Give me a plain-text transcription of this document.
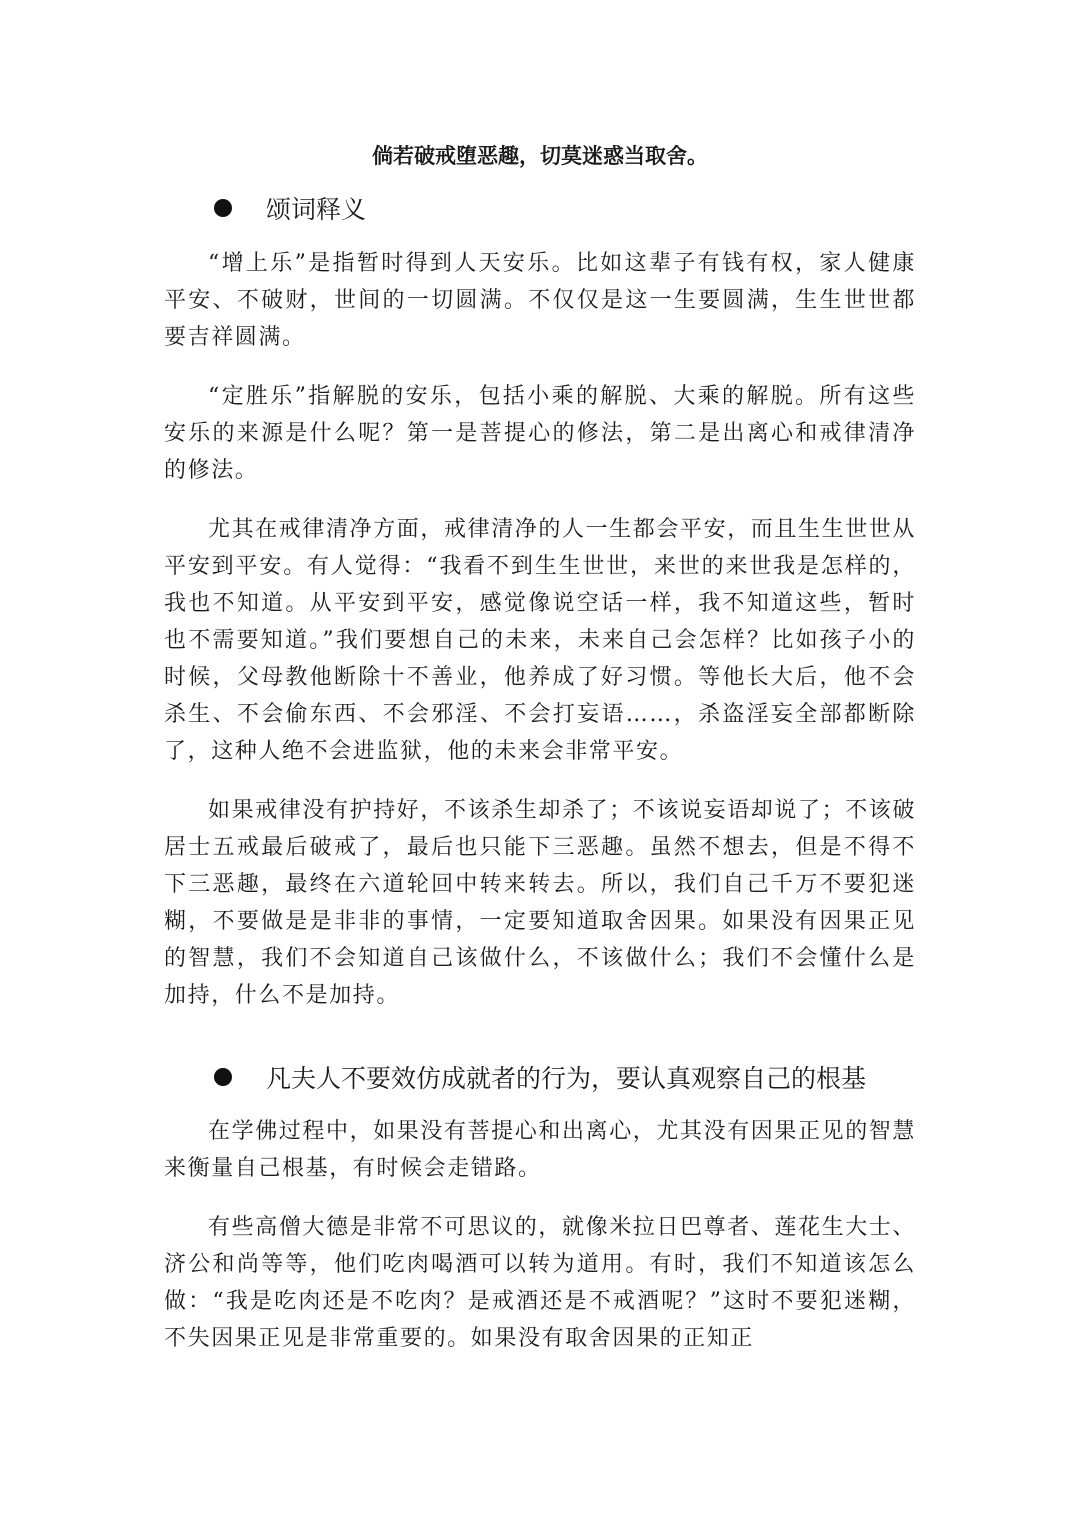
倘若破戒堕恶趣，切莫迷惑当取舍。
颂词释义

“增上乐”是指暂时得到人天安乐。比如这辈子有钱有权，家人健康平安、不破财，世间的一切圆满。不仅仅是这一生要圆满，生生世世都要吉祥圆满。

“定胜乐”指解脱的安乐，包括小乘的解脱、大乘的解脱。所有这些安乐的来源是什么呢？第一是菩提心的修法，第二是出离心和戒律清净的修法。

尤其在戒律清净方面，戒律清净的人一生都会平安，而且生生世世从平安到平安。有人觉得：“我看不到生生世世，来世的来世我是怎样的，我也不知道。从平安到平安，感觉像说空话一样，我不知道这些，暂时也不需要知道。”我们要想自己的未来，未来自己会怎样？比如孩子小的时候，父母教他断除十不善业，他养成了好习惯。等他长大后，他不会杀生、不会偷东西、不会邪淫、不会打妄语……，杀盗淫妄全部都断除了，这种人绝不会进监狱，他的未来会非常平安。

如果戒律没有护持好，不该杀生却杀了；不该说妄语却说了；不该破居士五戒最后破戒了，最后也只能下三恶趣。虽然不想去，但是不得不下三恶趣，最终在六道轮回中转来转去。所以，我们自己千万不要犯迷糊，不要做是是非非的事情，一定要知道取舍因果。如果没有因果正见的智慧，我们不会知道自己该做什么，不该做什么；我们不会懂什么是加持，什么不是加持。

凡夫人不要效仿成就者的行为，要认真观察自己的根基

在学佛过程中，如果没有菩提心和出离心，尤其没有因果正见的智慧来衡量自己根基，有时候会走错路。

有些高僧大德是非常不可思议的，就像米拉日巴尊者、莲花生大士、济公和尚等等，他们吃肉喝酒可以转为道用。有时，我们不知道该怎么做：“我是吃肉还是不吃肉？是戒酒还是不戒酒呢？”这时不要犯迷糊，不失因果正见是非常重要的。如果没有取舍因果的正知正
